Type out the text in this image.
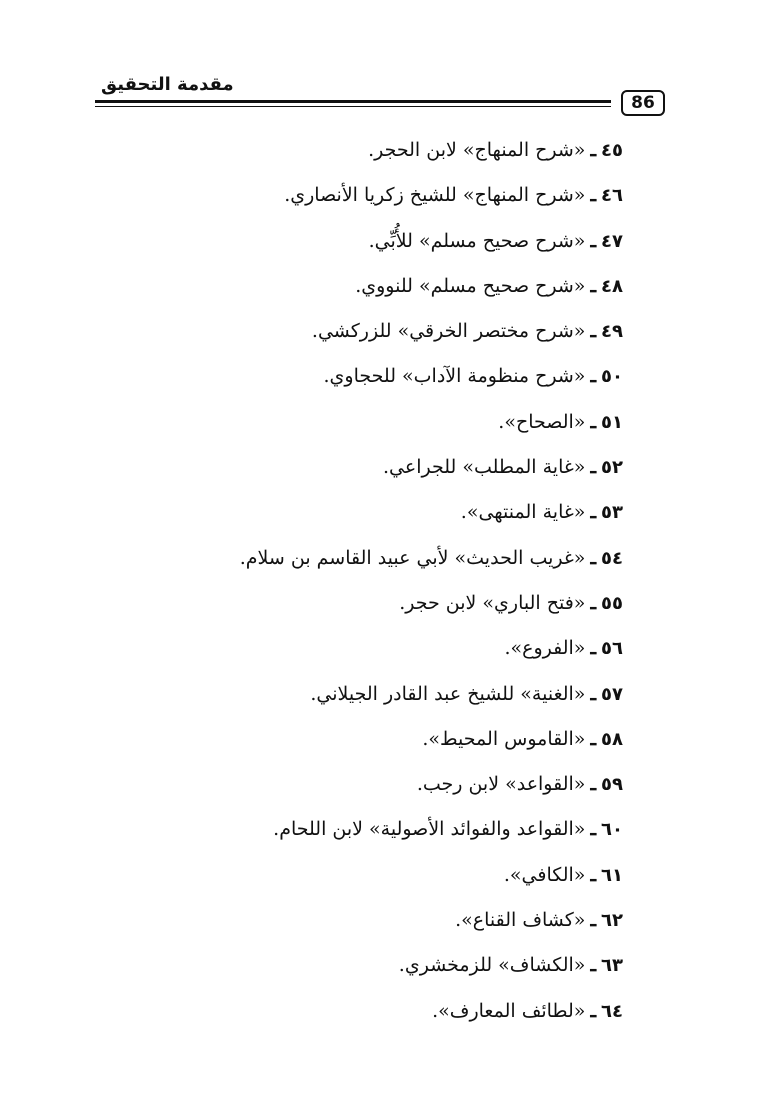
مقدمة التحقيق
86
٤٥ـ«شرح المنهاج» لابن الحجر.
٤٦ـ«شرح المنهاج» للشيخ زكريا الأنصاري.
٤٧ـ«شرح صحيح مسلم» للأُبِّي.
٤٨ـ«شرح صحيح مسلم» للنووي.
٤٩ـ«شرح مختصر الخرقي» للزركشي.
٥٠ـ«شرح منظومة الآداب» للحجاوي.
٥١ـ«الصحاح».
٥٢ـ«غاية المطلب» للجراعي.
٥٣ـ«غاية المنتهى».
٥٤ـ«غريب الحديث» لأبي عبيد القاسم بن سلام.
٥٥ـ«فتح الباري» لابن حجر.
٥٦ـ«الفروع».
٥٧ـ«الغنية» للشيخ عبد القادر الجيلاني.
٥٨ـ«القاموس المحيط».
٥٩ـ«القواعد» لابن رجب.
٦٠ـ«القواعد والفوائد الأصولية» لابن اللحام.
٦١ـ«الكافي».
٦٢ـ«كشاف القناع».
٦٣ـ«الكشاف» للزمخشري.
٦٤ـ«لطائف المعارف».
